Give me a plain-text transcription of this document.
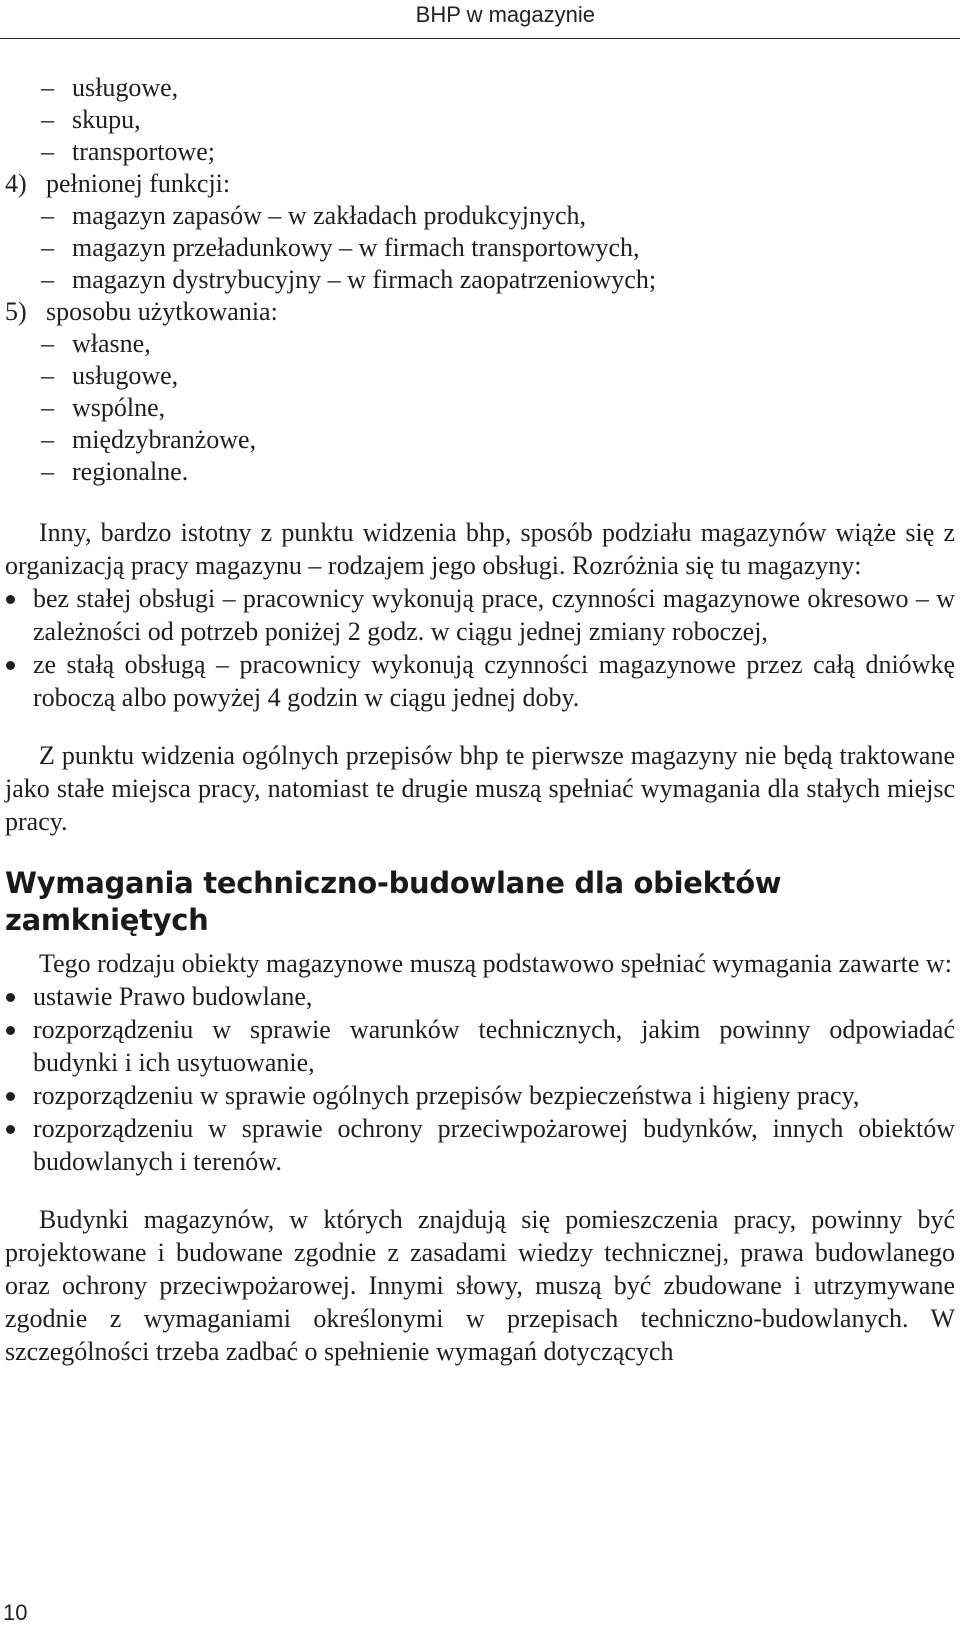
BHP w magazynie
– usługowe,
– skupu,
– transportowe;
4) pełnionej funkcji:
– magazyn zapasów – w zakładach produkcyjnych,
– magazyn przeładunkowy – w firmach transportowych,
– magazyn dystrybucyjny – w firmach zaopatrzeniowych;
5) sposobu użytkowania:
– własne,
– usługowe,
– wspólne,
– międzybranżowe,
– regionalne.

Inny, bardzo istotny z punktu widzenia bhp, sposób podziału magazynów wiąże się z organizacją pracy magazynu – rodzajem jego obsługi. Rozróżnia się tu magazyny:

bez stałej obsługi – pracownicy wykonują prace, czynności magazynowe okresowo – w zależności od potrzeb poniżej 2 godz. w ciągu jednej zmiany roboczej,
ze stałą obsługą – pracownicy wykonują czynności magazynowe przez całą dniówkę roboczą albo powyżej 4 godzin w ciągu jednej doby.

Z punktu widzenia ogólnych przepisów bhp te pierwsze magazyny nie będą traktowane jako stałe miejsca pracy, natomiast te drugie muszą spełniać wymagania dla stałych miejsc pracy.

Wymagania techniczno-budowlane dla obiektów
zamkniętych

Tego rodzaju obiekty magazynowe muszą podstawowo spełniać wymagania zawarte w:

ustawie Prawo budowlane,
rozporządzeniu w sprawie warunków technicznych, jakim powinny odpowiadać budynki i ich usytuowanie,
rozporządzeniu w sprawie ogólnych przepisów bezpieczeństwa i higieny pracy,
rozporządzeniu w sprawie ochrony przeciwpożarowej budynków, innych obiektów budowlanych i terenów.

Budynki magazynów, w których znajdują się pomieszczenia pracy, powinny być projektowane i budowane zgodnie z zasadami wiedzy technicznej, prawa budowlanego oraz ochrony przeciwpożarowej. Innymi słowy, muszą być zbudowane i utrzymywane zgodnie z wymaganiami określonymi w przepisach techniczno-budowlanych. W szczególności trzeba zadbać o spełnienie wymagań dotyczących

10
